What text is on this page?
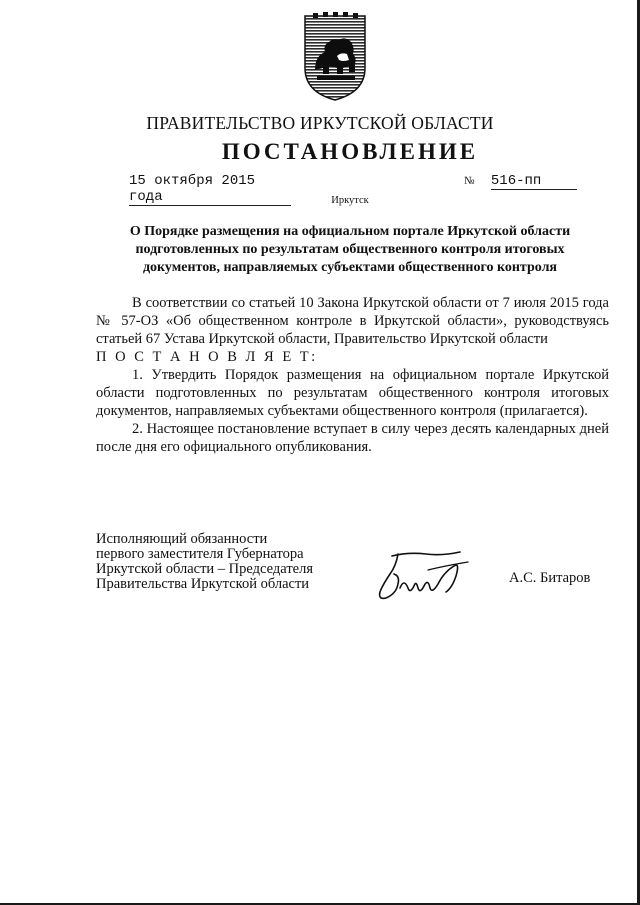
ПРАВИТЕЛЬСТВО ИРКУТСКОЙ ОБЛАСТИ
ПОСТАНОВЛЕНИЕ
15 октября 2015 года
№ 516-пп
Иркутск
О Порядке размещения на официальном портале Иркутской области подготовленных по результатам общественного контроля итоговых документов, направляемых субъектами общественного контроля

В соответствии со статьей 10 Закона Иркутской области от 7 июля 2015 года № 57-ОЗ «Об общественном контроле в Иркутской области», руководствуясь статьей 67 Устава Иркутской области, Правительство Иркутской области

П О С Т А Н О В Л Я Е Т:

1. Утвердить Порядок размещения на официальном портале Иркутской области подготовленных по результатам общественного контроля итоговых документов, направляемых субъектами общественного контроля (прилагается).

2. Настоящее постановление вступает в силу через десять календарных дней после дня его официального опубликования.

Исполняющий обязанности
первого заместителя Губернатора
Иркутской области – Председателя
Правительства Иркутской области	А.С. Битаров
